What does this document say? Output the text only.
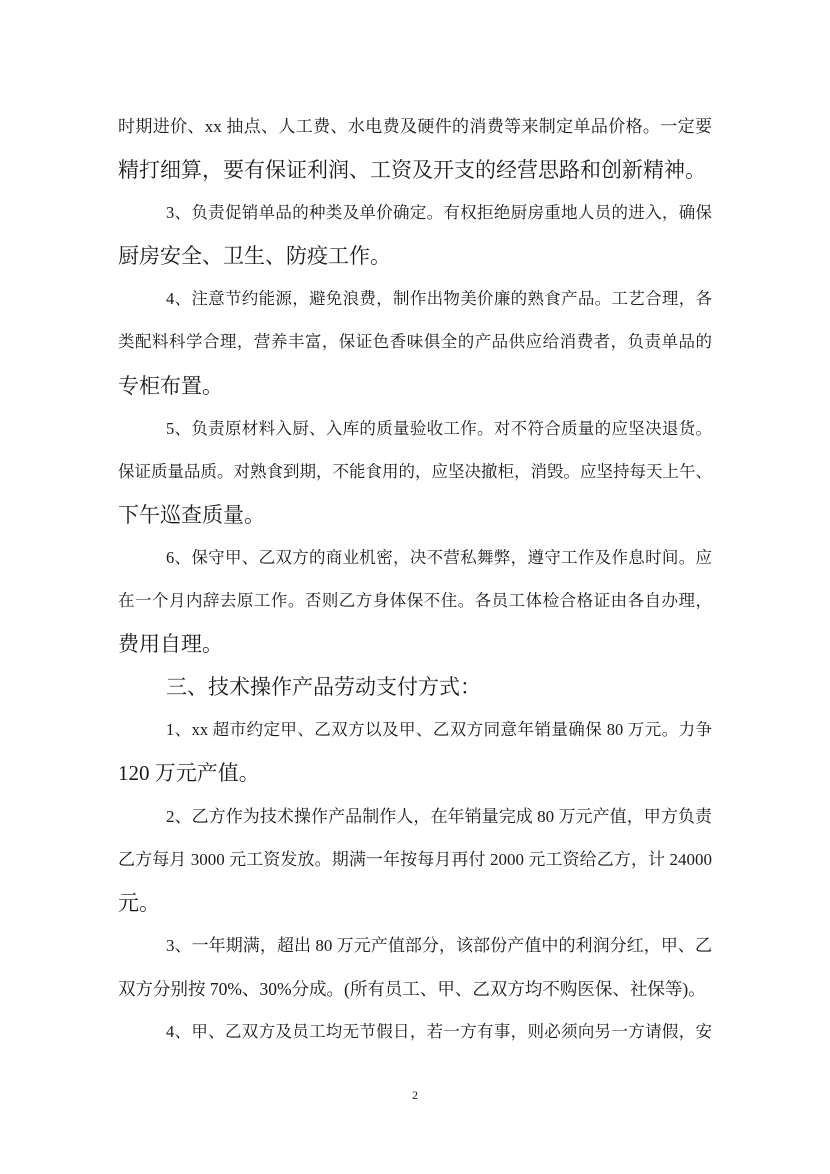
时期进价、xx 抽点、人工费、水电费及硬件的消费等来制定单品价格。一定要
精打细算，要有保证利润、工资及开支的经营思路和创新精神。
3、负责促销单品的种类及单价确定。有权拒绝厨房重地人员的进入，确保
厨房安全、卫生、防疫工作。
4、注意节约能源，避免浪费，制作出物美价廉的熟食产品。工艺合理，各
类配料科学合理，营养丰富，保证色香味俱全的产品供应给消费者，负责单品的
专柜布置。
5、负责原材料入厨、入库的质量验收工作。对不符合质量的应坚决退货。
保证质量品质。对熟食到期，不能食用的，应坚决撤柜，消毁。应坚持每天上午、
下午巡查质量。
6、保守甲、乙双方的商业机密，决不营私舞弊，遵守工作及作息时间。应
在一个月内辞去原工作。否则乙方身体保不住。各员工体检合格证由各自办理，
费用自理。
三、技术操作产品劳动支付方式：
1、xx 超市约定甲、乙双方以及甲、乙双方同意年销量确保 80 万元。力争
120 万元产值。
2、乙方作为技术操作产品制作人，在年销量完成 80 万元产值，甲方负责
乙方每月 3000 元工资发放。期满一年按每月再付 2000 元工资给乙方，计 24000
元。
3、一年期满，超出 80 万元产值部分，该部份产值中的利润分红，甲、乙
双方分别按 70%、30%分成。(所有员工、甲、乙双方均不购医保、社保等)。
4、甲、乙双方及员工均无节假日，若一方有事，则必须向另一方请假，安
2
